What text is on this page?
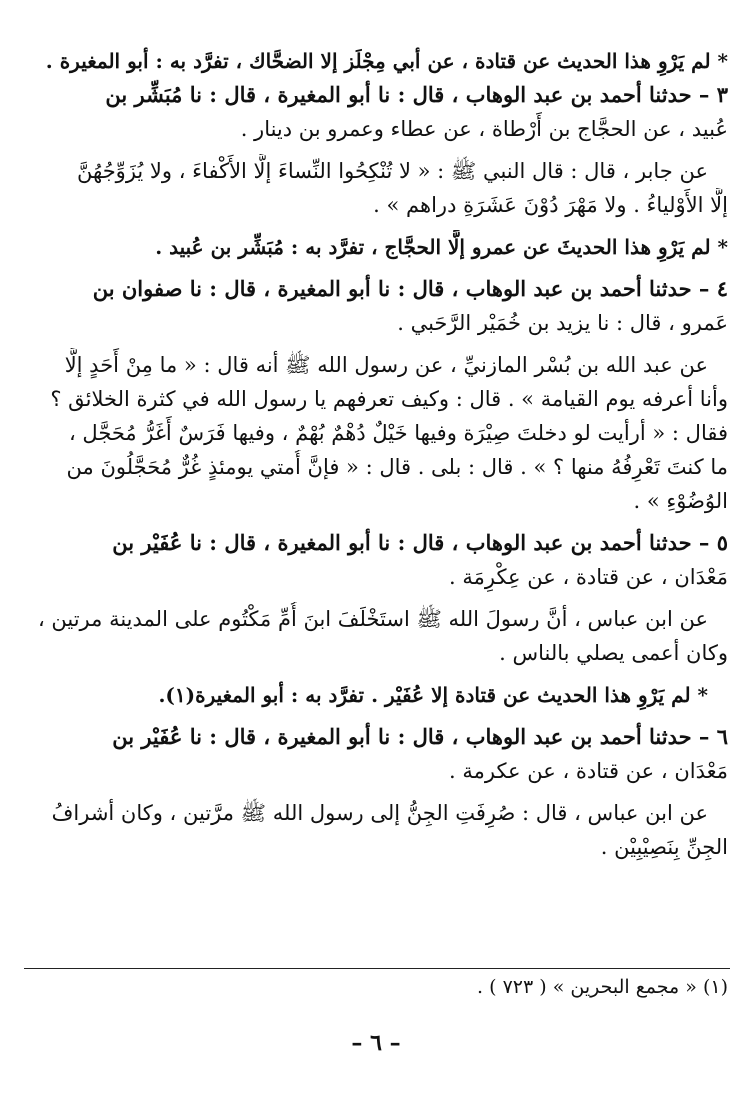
* لم يَرْوِ هذا الحديث عن قتادة ، عن أبي مِجْلَز إلا الضحَّاك ، تفرَّد به : أبو المغيرة .
٣ – حدثنا أحمد بن عبد الوهاب ، قال : نا أبو المغيرة ، قال : نا مُبَشِّر بن
عُبيد ، عن الحجَّاج بن أَرْطاة ، عن عطاء وعمرو بن دينار .
عن جابر ، قال : قال النبي ﷺ : « لا تُنْكِحُوا النِّساءَ إلَّا الأَكْفاءَ ، ولا يُزَوِّجُهُنَّ
إلَّا الأَوْلياءُ . ولا مَهْرَ دُوْنَ عَشَرَةِ دراهم » .
* لم يَرْوِ هذا الحديثَ عن عمرو إلَّا الحجَّاج ، تفرَّد به : مُبَشِّر بن عُبيد .
٤ – حدثنا أحمد بن عبد الوهاب ، قال : نا أبو المغيرة ، قال : نا صفوان بن
عَمرو ، قال : نا يزيد بن خُمَيْر الرَّحَبي .
عن عبد الله بن بُسْر المازنيِّ ، عن رسول الله ﷺ أنه قال : « ما مِنْ أَحَدٍ إلَّا
وأنا أعرفه يوم القيامة » . قال : وكيف تعرفهم يا رسول الله في كثرة الخلائق ؟
فقال : « أرأيت لو دخلتَ صِيْرَة وفيها خَيْلٌ دُهْمٌ بُهْمٌ ، وفيها فَرَسٌ أَغَرُّ مُحَجَّل ،
ما كنتَ تَعْرِفُهُ منها ؟ » . قال : بلى . قال : « فإنَّ أُمتي يومئذٍ غُرٌّ مُحَجَّلُونَ من
الوُضُوْءِ » .
٥ – حدثنا أحمد بن عبد الوهاب ، قال : نا أبو المغيرة ، قال : نا عُفَيْر بن
مَعْدَان ، عن قتادة ، عن عِكْرِمَة .
عن ابن عباس ، أنَّ رسولَ الله ﷺ استَخْلَفَ ابنَ أُمِّ مَكْتُوم على المدينة مرتين ،
وكان أعمى يصلي بالناس .
* لم يَرْوِ هذا الحديث عن قتادة إلا عُفَيْر . تفرَّد به : أبو المغيرة(١).
٦ – حدثنا أحمد بن عبد الوهاب ، قال : نا أبو المغيرة ، قال : نا عُفَيْر بن
مَعْدَان ، عن قتادة ، عن عكرمة .
عن ابن عباس ، قال : صُرِفَتِ الجِنُّ إلى رسول الله ﷺ مرَّتين ، وكان أشرافُ
الجِنِّ بِنَصِيْبِيْن .
(١) « مجمع البحرين » ( ٧٢٣ ) .
– ٦ –
